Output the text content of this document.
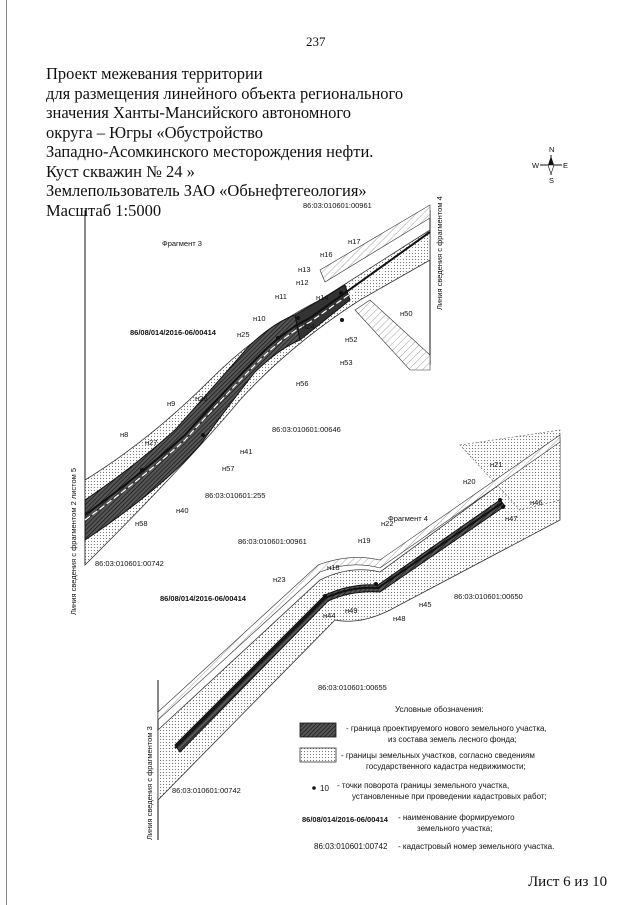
237
Проект межевания территории
для размещения линейного объекта регионального
значения Ханты-Мансийского автономного
округа – Югры «Обустройство
Западно-Асомкинского месторождения нефти.
Куст скважин № 24 »
Землепользователь ЗАО «Обьнефтегеология»
Масштаб 1:5000
N
S
E
W
Фрагмент 3
86:03:010601:00961
86/08/014/2016-06/00414
86:03:010601:00646
86:03:010601:255
86:03:010601:00742
н17
н16
н13
н12
н14
н11
н50
н10
н24
н25
н52
н53
н56
н9
н26
н8
н27
н41
н57
н40
н58
Линия сведения с фрагментом 4
Линия сведения с фрагментом 2 листом 5	Фрагмент 4
86:03:010601:00961
86/08/014/2016-06/00414	86:03:010601:00650
86:03:010601:00655
86:03:010601:00742
н21
н20
н46
н47
н22
н19
н18
н23
н45
н44
н49
н48
Линия сведения с фрагментом 3
Условные обозначения:
- граница проектируемого нового земельного участка,
из состава земель лесного фонда;
- границы земельных участков, согласно сведениям
государственного кадастра недвижимости;
10 - точки поворота границы земельного участка,
установленные при проведении кадастровых работ;
86/08/014/2016-06/00414 - наименование формируемого
земельного участка;
86:03:010601:00742 - кадастровый номер земельного участка.
Лист 6 из 10
